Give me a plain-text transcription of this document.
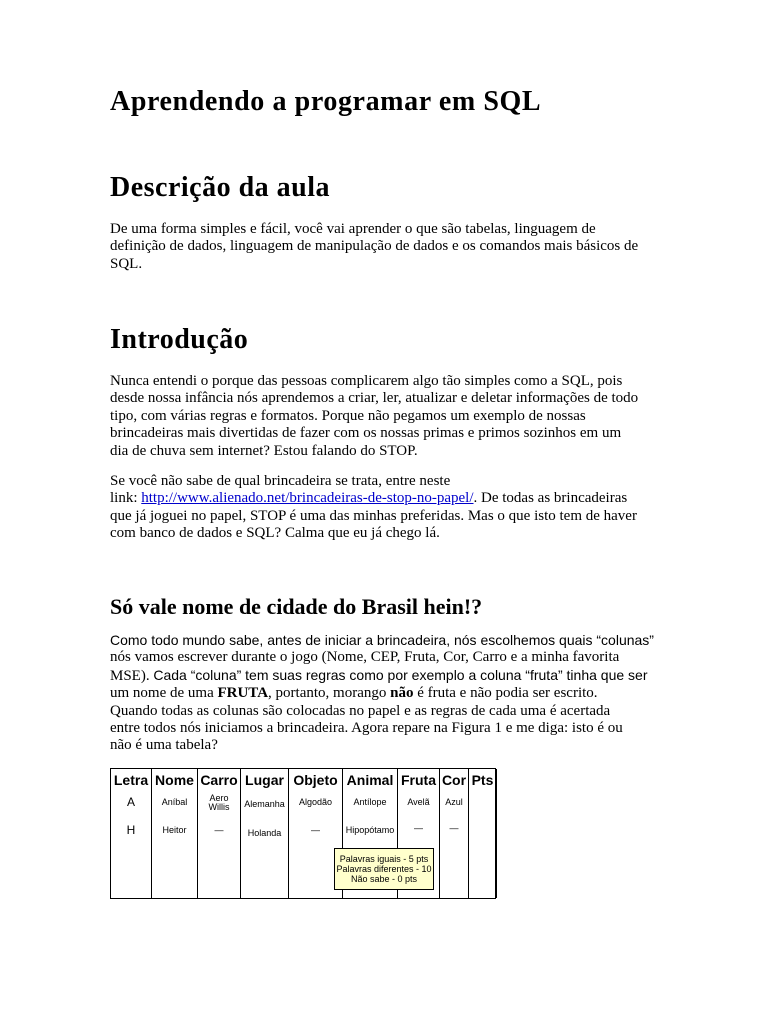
Aprendendo a programar em SQL
Descrição da aula

De uma forma simples e fácil, você vai aprender o que são tabelas, linguagem de
definição de dados, linguagem de manipulação de dados e os comandos mais básicos de
SQL.

Introdução

Nunca entendi o porque das pessoas complicarem algo tão simples como a SQL, pois
desde nossa infância nós aprendemos a criar, ler, atualizar e deletar informações de todo
tipo, com várias regras e formatos. Porque não pegamos um exemplo de nossas
brincadeiras mais divertidas de fazer com os nossas primas e primos sozinhos em um
dia de chuva sem internet? Estou falando do STOP.

Se você não sabe de qual brincadeira se trata, entre neste
link: http://www.alienado.net/brincadeiras-de-stop-no-papel/. De todas as brincadeiras
que já joguei no papel, STOP é uma das minhas preferidas. Mas o que isto tem de haver
com banco de dados e SQL? Calma que eu já chego lá.

Só vale nome de cidade do Brasil hein!?

Como todo mundo sabe, antes de iniciar a brincadeira, nós escolhemos quais “colunas”
nós vamos escrever durante o jogo (Nome, CEP, Fruta, Cor, Carro e a minha favorita
MSE). Cada “coluna” tem suas regras como por exemplo a coluna “fruta” tinha que ser
um nome de uma FRUTA, portanto, morango não é fruta e não podia ser escrito.
Quando todas as colunas são colocadas no papel e as regras de cada uma é acertada
entre todos nós iniciamos a brincadeira. Agora repare na Figura 1 e me diga: isto é ou
não é uma tabela?

Letra
A
H
Nome
Aníbal
Heitor
Carro
Aero
Willis
—
Lugar
Alemanha
Holanda
Objeto
Algodão
—
Animal
Antílope
Hipopótamo
Fruta
Avelã
—
Cor
Azul
—
Pts
Palavras iguais - 5 pts
Palavras diferentes - 10
Não sabe - 0 pts
